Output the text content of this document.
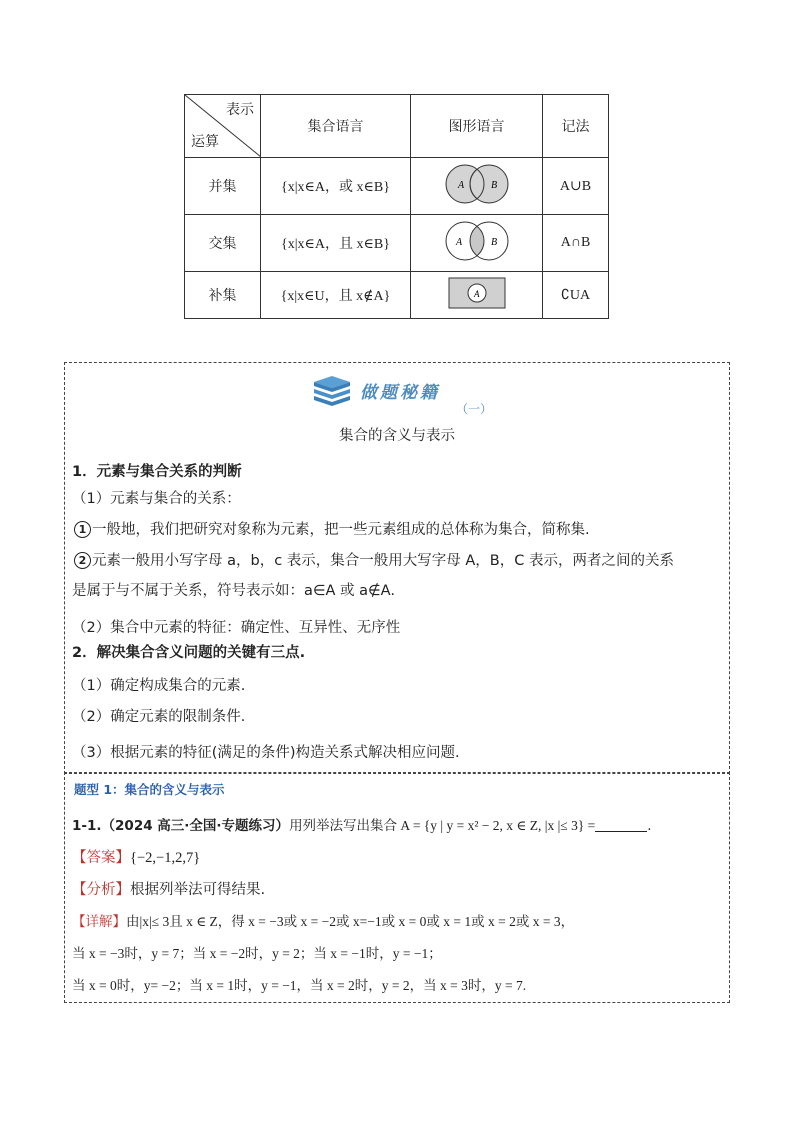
表示
运算	集合语言	图形语言	记法
并集	{x|x∈A，或 x∈B}	A B	A∪B
交集	{x|x∈A，且 x∈B}	A B	A∩B
补集	{x|x∈U，且 x∉A}	A	∁UA
做题秘籍
（一）
集合的含义与表示
1．元素与集合关系的判断
（1）元素与集合的关系：
1 一般地，我们把研究对象称为元素，把一些元素组成的总体称为集合，简称集.
2 元素一般用小写字母 a，b，c 表示，集合一般用大写字母 A，B，C 表示，两者之间的关系
是属于与不属于关系，符号表示如：a∈A 或 a∉A.
（2）集合中元素的特征：确定性、互异性、无序性
2．解决集合含义问题的关键有三点.
（1）确定构成集合的元素.
（2）确定元素的限制条件.
（3）根据元素的特征(满足的条件)构造关系式解决相应问题.
题型 1：集合的含义与表示
1-1.（2024 高三·全国·专题练习）用列举法写出集合 A = {y | y = x² − 2, x ∈ Z, |x |≤ 3} =	.
【答案】{−2,−1,2,7}
【分析】根据列举法可得结果.
【详解】由|x|≤ 3且 x ∈ Z，得 x = −3或 x = −2或 x=−1或 x = 0或 x = 1或 x = 2或 x = 3，
当 x = −3时，y = 7；当 x = −2时，y = 2；当 x = −1时，y = −1；
当 x = 0时，y= −2；当 x = 1时，y = −1，当 x = 2时，y = 2，当 x = 3时，y = 7.
